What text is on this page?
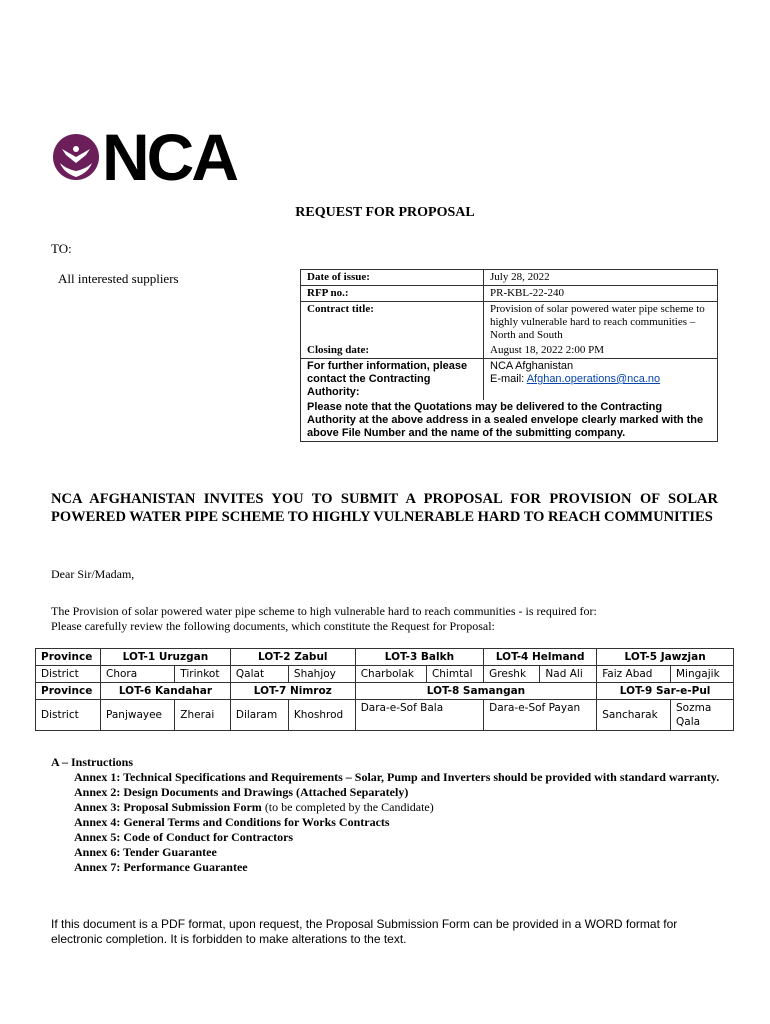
NCA
REQUEST FOR PROPOSAL
TO:
All interested suppliers	Date of issue:	July 28, 2022
RFP no.:	PR-KBL-22-240
Contract title:	Provision of solar powered water pipe scheme to highly vulnerable hard to reach communities – North and South
Closing date:	August 18, 2022 2:00 PM
For further information, please contact the Contracting Authority:	NCA Afghanistan
E-mail: Afghan.operations@nca.no

Please note that the Quotations may be delivered to the Contracting Authority at the above address in a sealed envelope clearly marked with the above File Number and the name of the submitting company.	
NCA AFGHANISTAN INVITES YOU TO SUBMIT A PROPOSAL FOR PROVISION OF SOLAR POWERED WATER PIPE SCHEME TO HIGHLY VULNERABLE HARD TO REACH COMMUNITIES
Dear Sir/Madam,
The Provision of solar powered water pipe scheme to high vulnerable hard to reach communities - is required for:
Please carefully review the following documents, which constitute the Request for Proposal:
Province	LOT-1 Uruzgan		LOT-2 Zabul		LOT-3 Balkh		LOT-4 Helmand		LOT-5 Jawzjan	
District	Chora	Tirinkot	Qalat	Shahjoy	Charbolak	Chimtal	Greshk	Nad Ali	Faiz Abad	Mingajik
Province	LOT-6 Kandahar		LOT-7 Nimroz		LOT-8 Samangan				LOT-9 Sar-e-Pul	
District	Panjwayee	Zherai	Dilaram	Khoshrod	Dara-e-Sof Bala		Dara-e-Sof Payan		Sancharak	Sozma Qala
A – Instructions
Annex 1: Technical Specifications and Requirements – Solar, Pump and Inverters should be provided with standard warranty.
Annex 2: Design Documents and Drawings (Attached Separately)
Annex 3: Proposal Submission Form (to be completed by the Candidate)
Annex 4: General Terms and Conditions for Works Contracts
Annex 5: Code of Conduct for Contractors
Annex 6: Tender Guarantee
Annex 7: Performance Guarantee
If this document is a PDF format, upon request, the Proposal Submission Form can be provided in a WORD format for electronic completion. It is forbidden to make alterations to the text.
